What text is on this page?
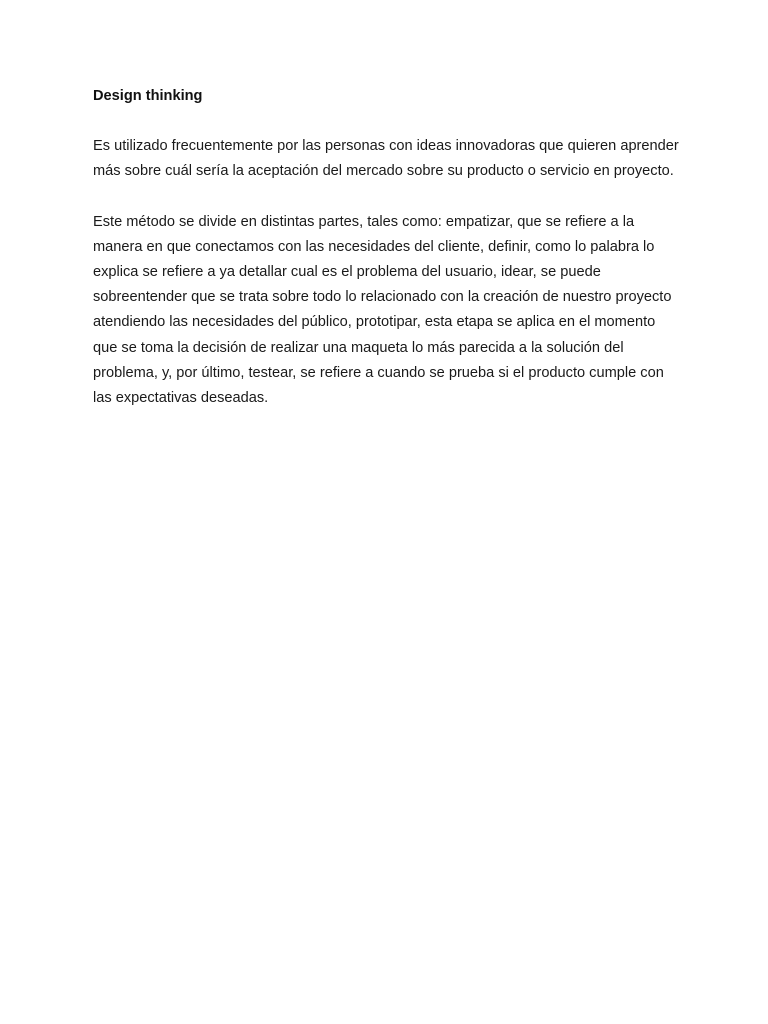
Design thinking

Es utilizado frecuentemente por las personas con ideas innovadoras que quieren aprender más sobre cuál sería la aceptación del mercado sobre su producto o servicio en proyecto.

Este método se divide en distintas partes, tales como: empatizar, que se refiere a la manera en que conectamos con las necesidades del cliente, definir, como lo palabra lo explica se refiere a ya detallar cual es el problema del usuario, idear, se puede sobreentender que se trata sobre todo lo relacionado con la creación de nuestro proyecto atendiendo las necesidades del público, prototipar, esta etapa se aplica en el momento que se toma la decisión de realizar una maqueta lo más parecida a la solución del problema, y, por último, testear, se refiere a cuando se prueba si el producto cumple con las expectativas deseadas.
